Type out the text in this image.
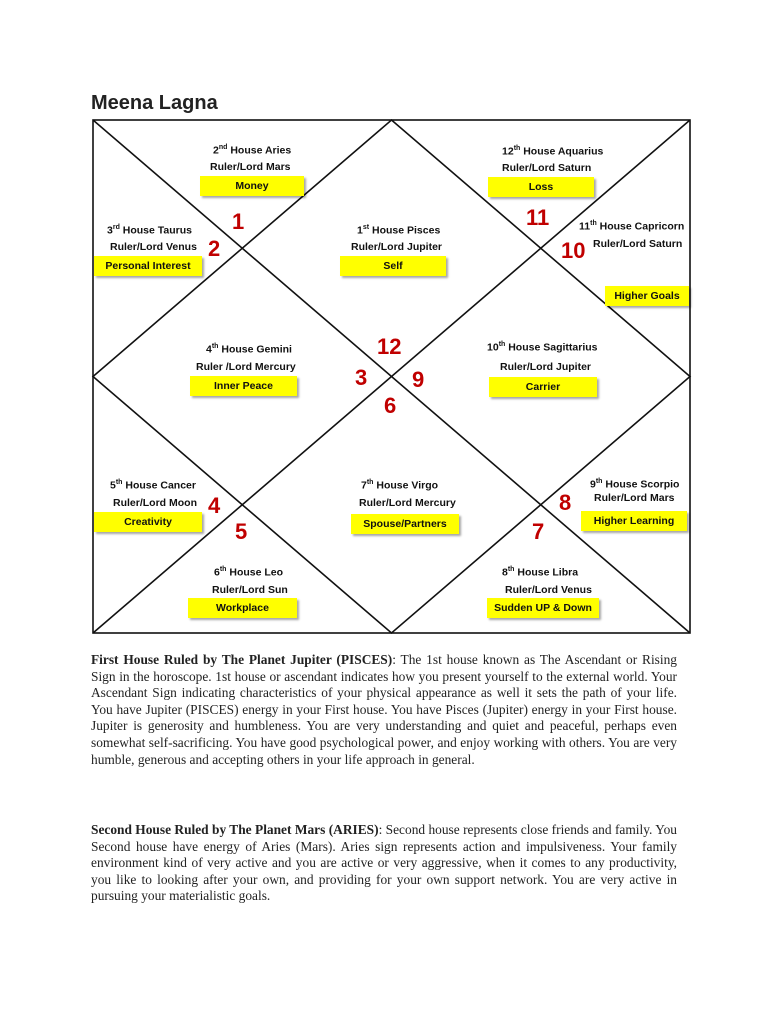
Meena Lagna
2nd House Aries
Ruler/Lord Mars
Money
12th House Aquarius
Ruler/Lord Saturn
Loss
3rd House Taurus
Ruler/Lord Venus
Personal Interest
1st House Pisces
Ruler/Lord Jupiter
Self
11th House Capricorn
Ruler/Lord Saturn
Higher Goals
4th House Gemini
Ruler /Lord Mercury
Inner Peace
10th House Sagittarius
Ruler/Lord Jupiter
Carrier
5th House Cancer
Ruler/Lord Moon
Creativity
7th House Virgo
Ruler/Lord Mercury
Spouse/Partners
9th House Scorpio
Ruler/Lord Mars
Higher Learning
6th House Leo
Ruler/Lord Sun
Workplace
8th House Libra
Ruler/Lord Venus
Sudden UP & Down
1
2
11
10
12
3 9
6
4
5
8
7

First House Ruled by The Planet Jupiter (PISCES): The 1st house known as The Ascendant or Rising Sign in the horoscope. 1st house or ascendant indicates how you present yourself to the external world. Your Ascendant Sign indicating characteristics of your physical appearance as well it sets the path of your life. You have Jupiter (PISCES) energy in your First house. You have Pisces (Jupiter) energy in your First house. Jupiter is generosity and humbleness. You are very understanding and quiet and peaceful, perhaps even somewhat self-sacrificing. You have good psychological power, and enjoy working with others. You are very humble, generous and accepting others in your life approach in general.

Second House Ruled by The Planet Mars (ARIES): Second house represents close friends and family. You Second house have energy of Aries (Mars). Aries sign represents action and impulsiveness. Your family environment kind of very active and you are active or very aggressive, when it comes to any productivity, you like to looking after your own, and providing for your own support network. You are very active in pursuing your materialistic goals.
